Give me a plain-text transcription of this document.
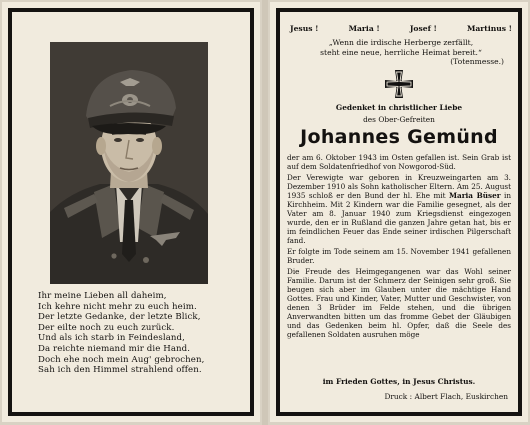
Ihr meine Lieben all daheim,
Ich kehre nicht mehr zu euch heim.
Der letzte Gedanke, der letzte Blick,
Der eilte noch zu euch zurück.
Und als ich starb in Feindesland,
Da reichte niemand mir die Hand.
Doch ehe noch mein Aug' gebrochen,
Sah ich den Himmel strahlend offen.
Jesus !	Maria !	Josef !	Martinus !
„Wenn die irdische Herberge zerfällt,
steht eine neue, herrliche Heimat bereit.“
(Totenmesse.)
Gedenket in christlicher Liebe
des Ober-Gefreiten
Johannes Gemünd

der am 6. Oktober 1943 im Osten gefallen ist. Sein Grab ist auf dem Soldatenfriedhof von Nowgorod-Süd.

Der Verewigte war geboren in Kreuzweingarten am 3. Dezember 1910 als Sohn katholischer Eltern. Am 25. August 1935 schloß er den Bund der hl. Ehe mit Maria Büser in Kirchheim. Mit 2 Kindern war die Familie gesegnet, als der Vater am 8. Januar 1940 zum Kriegsdienst eingezogen wurde, den er in Rußland die ganzen Jahre getan hat, bis er im feindlichen Feuer das Ende seiner irdischen Pilgerschaft fand.

Er folgte im Tode seinem am 15. November 1941 gefallenen Bruder.

Die Freude des Heimgegangenen war das Wohl seiner Familie. Darum ist der Schmerz der Seinigen sehr groß. Sie beugen sich aber im Glauben unter die mächtige Hand Gottes. Frau und Kinder, Vater, Mutter und Geschwister, von denen 3 Brüder im Felde stehen, und die übrigen Anverwandten bitten um das fromme Gebet der Gläubigen und das Gedenken beim hl. Opfer, daß die Seele des gefallenen Soldaten ausruhen möge

im Frieden Gottes, in Jesus Christus.
Druck : Albert Flach, Euskirchen
